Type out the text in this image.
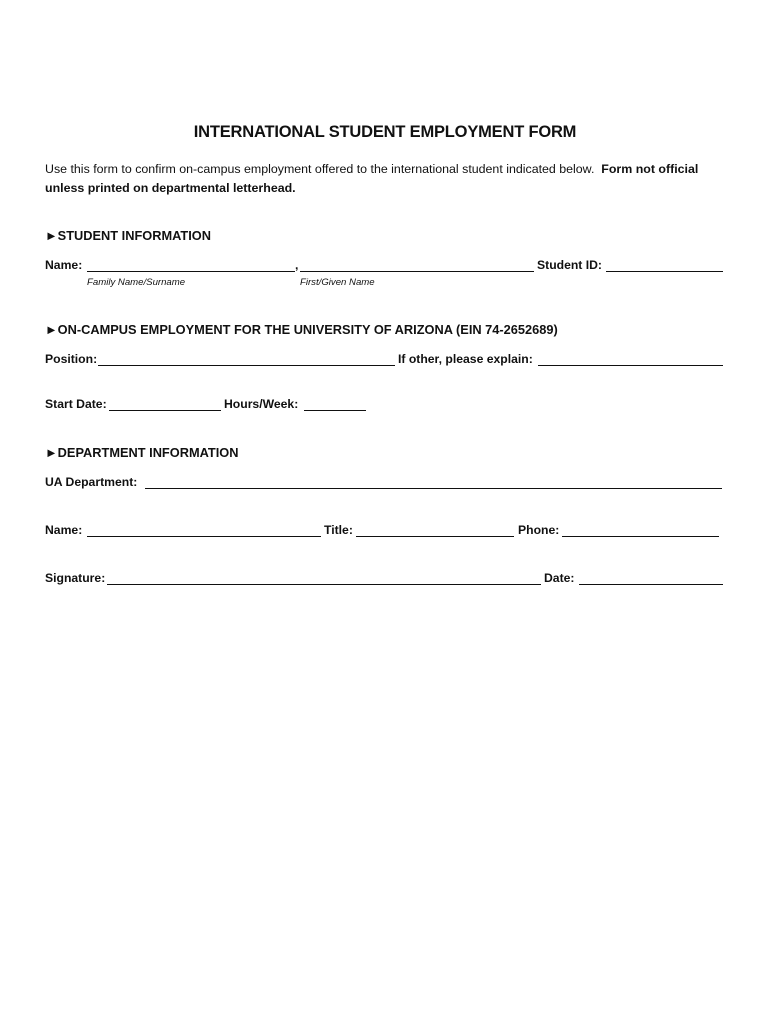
INTERNATIONAL STUDENT EMPLOYMENT FORM
Use this form to confirm on-campus employment offered to the international student indicated below. Form not official unless printed on departmental letterhead.
►STUDENT INFORMATION
Name:	,	Student ID:
Family Name/Surname	First/Given Name
►ON-CAMPUS EMPLOYMENT FOR THE UNIVERSITY OF ARIZONA (EIN 74-2652689)
Position:	If other, please explain:
Start Date:	Hours/Week:
►DEPARTMENT INFORMATION
UA Department:
Name:	Title:	Phone:
Signature:	Date:
